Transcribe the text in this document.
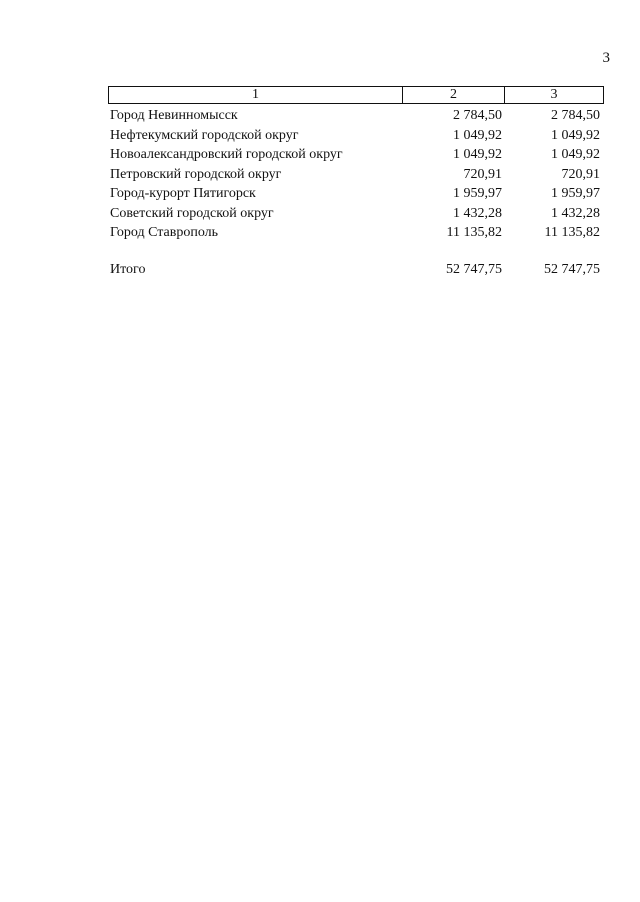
3
1	2	3
Город Невинномысск	2 784,50	2 784,50
Нефтекумский городской округ	1 049,92	1 049,92
Новоалександровский городской округ	1 049,92	1 049,92
Петровский городской округ	720,91	720,91
Город-курорт Пятигорск	1 959,97	1 959,97
Советский городской округ	1 432,28	1 432,28
Город Ставрополь	11 135,82	11 135,82
Итого	52 747,75	52 747,75
